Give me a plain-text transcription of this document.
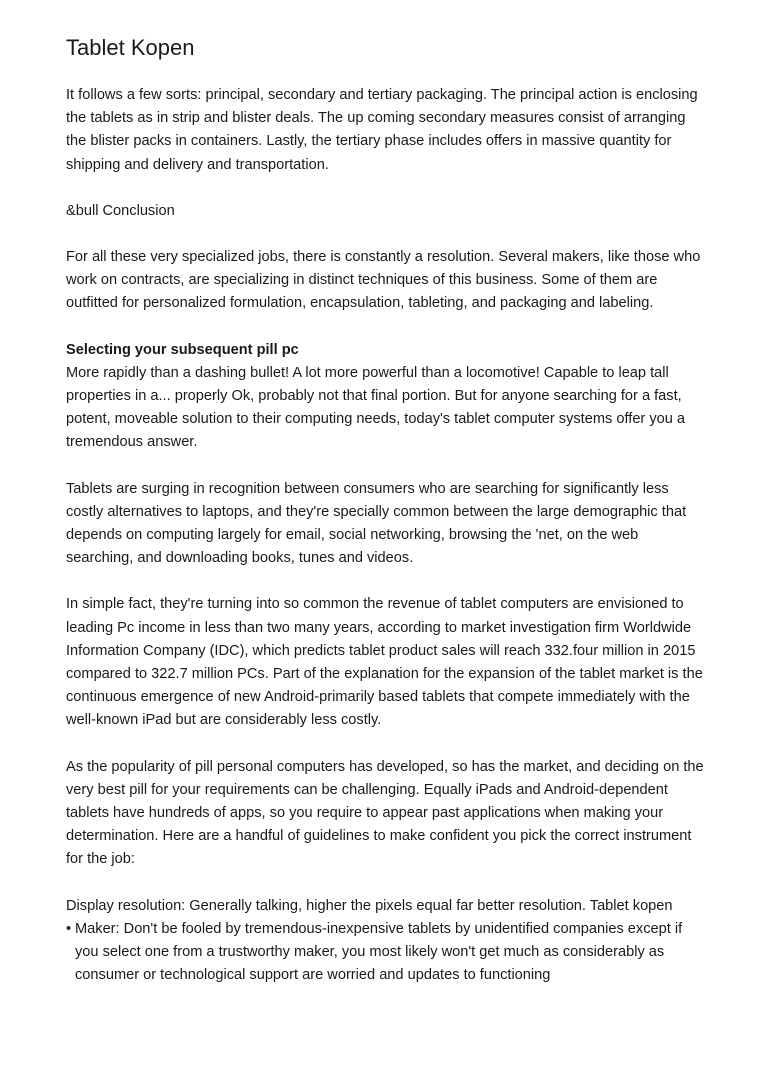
Tablet Kopen

It follows a few sorts: principal, secondary and tertiary packaging. The principal action is enclosing the tablets as in strip and blister deals. The up coming secondary measures consist of arranging the blister packs in containers. Lastly, the tertiary phase includes offers in massive quantity for shipping and delivery and transportation.

&bull Conclusion

For all these very specialized jobs, there is constantly a resolution. Several makers, like those who work on contracts, are specializing in distinct techniques of this business. Some of them are outfitted for personalized formulation, encapsulation, tableting, and packaging and labeling.

Selecting your subsequent pill pc

More rapidly than a dashing bullet! A lot more powerful than a locomotive! Capable to leap tall properties in a... properly Ok, probably not that final portion. But for anyone searching for a fast, potent, moveable solution to their computing needs, today's tablet computer systems offer you a tremendous answer.

Tablets are surging in recognition between consumers who are searching for significantly less costly alternatives to laptops, and they're specially common between the large demographic that depends on computing largely for email, social networking, browsing the 'net, on the web searching, and downloading books, tunes and videos.

In simple fact, they're turning into so common the revenue of tablet computers are envisioned to leading Pc income in less than two many years, according to market investigation firm Worldwide Information Company (IDC), which predicts tablet product sales will reach 332.four million in 2015 compared to 322.7 million PCs. Part of the explanation for the expansion of the tablet market is the continuous emergence of new Android-primarily based tablets that compete immediately with the well-known iPad but are considerably less costly.

As the popularity of pill personal computers has developed, so has the market, and deciding on the very best pill for your requirements can be challenging. Equally iPads and Android-dependent tablets have hundreds of apps, so you require to appear past applications when making your determination. Here are a handful of guidelines to make confident you pick the correct instrument for the job:

Display resolution: Generally talking, higher the pixels equal far better resolution. Tablet kopen

• Maker: Don't be fooled by tremendous-inexpensive tablets by unidentified companies except if you select one from a trustworthy maker, you most likely won't get much as considerably as consumer or technological support are worried and updates to functioning
